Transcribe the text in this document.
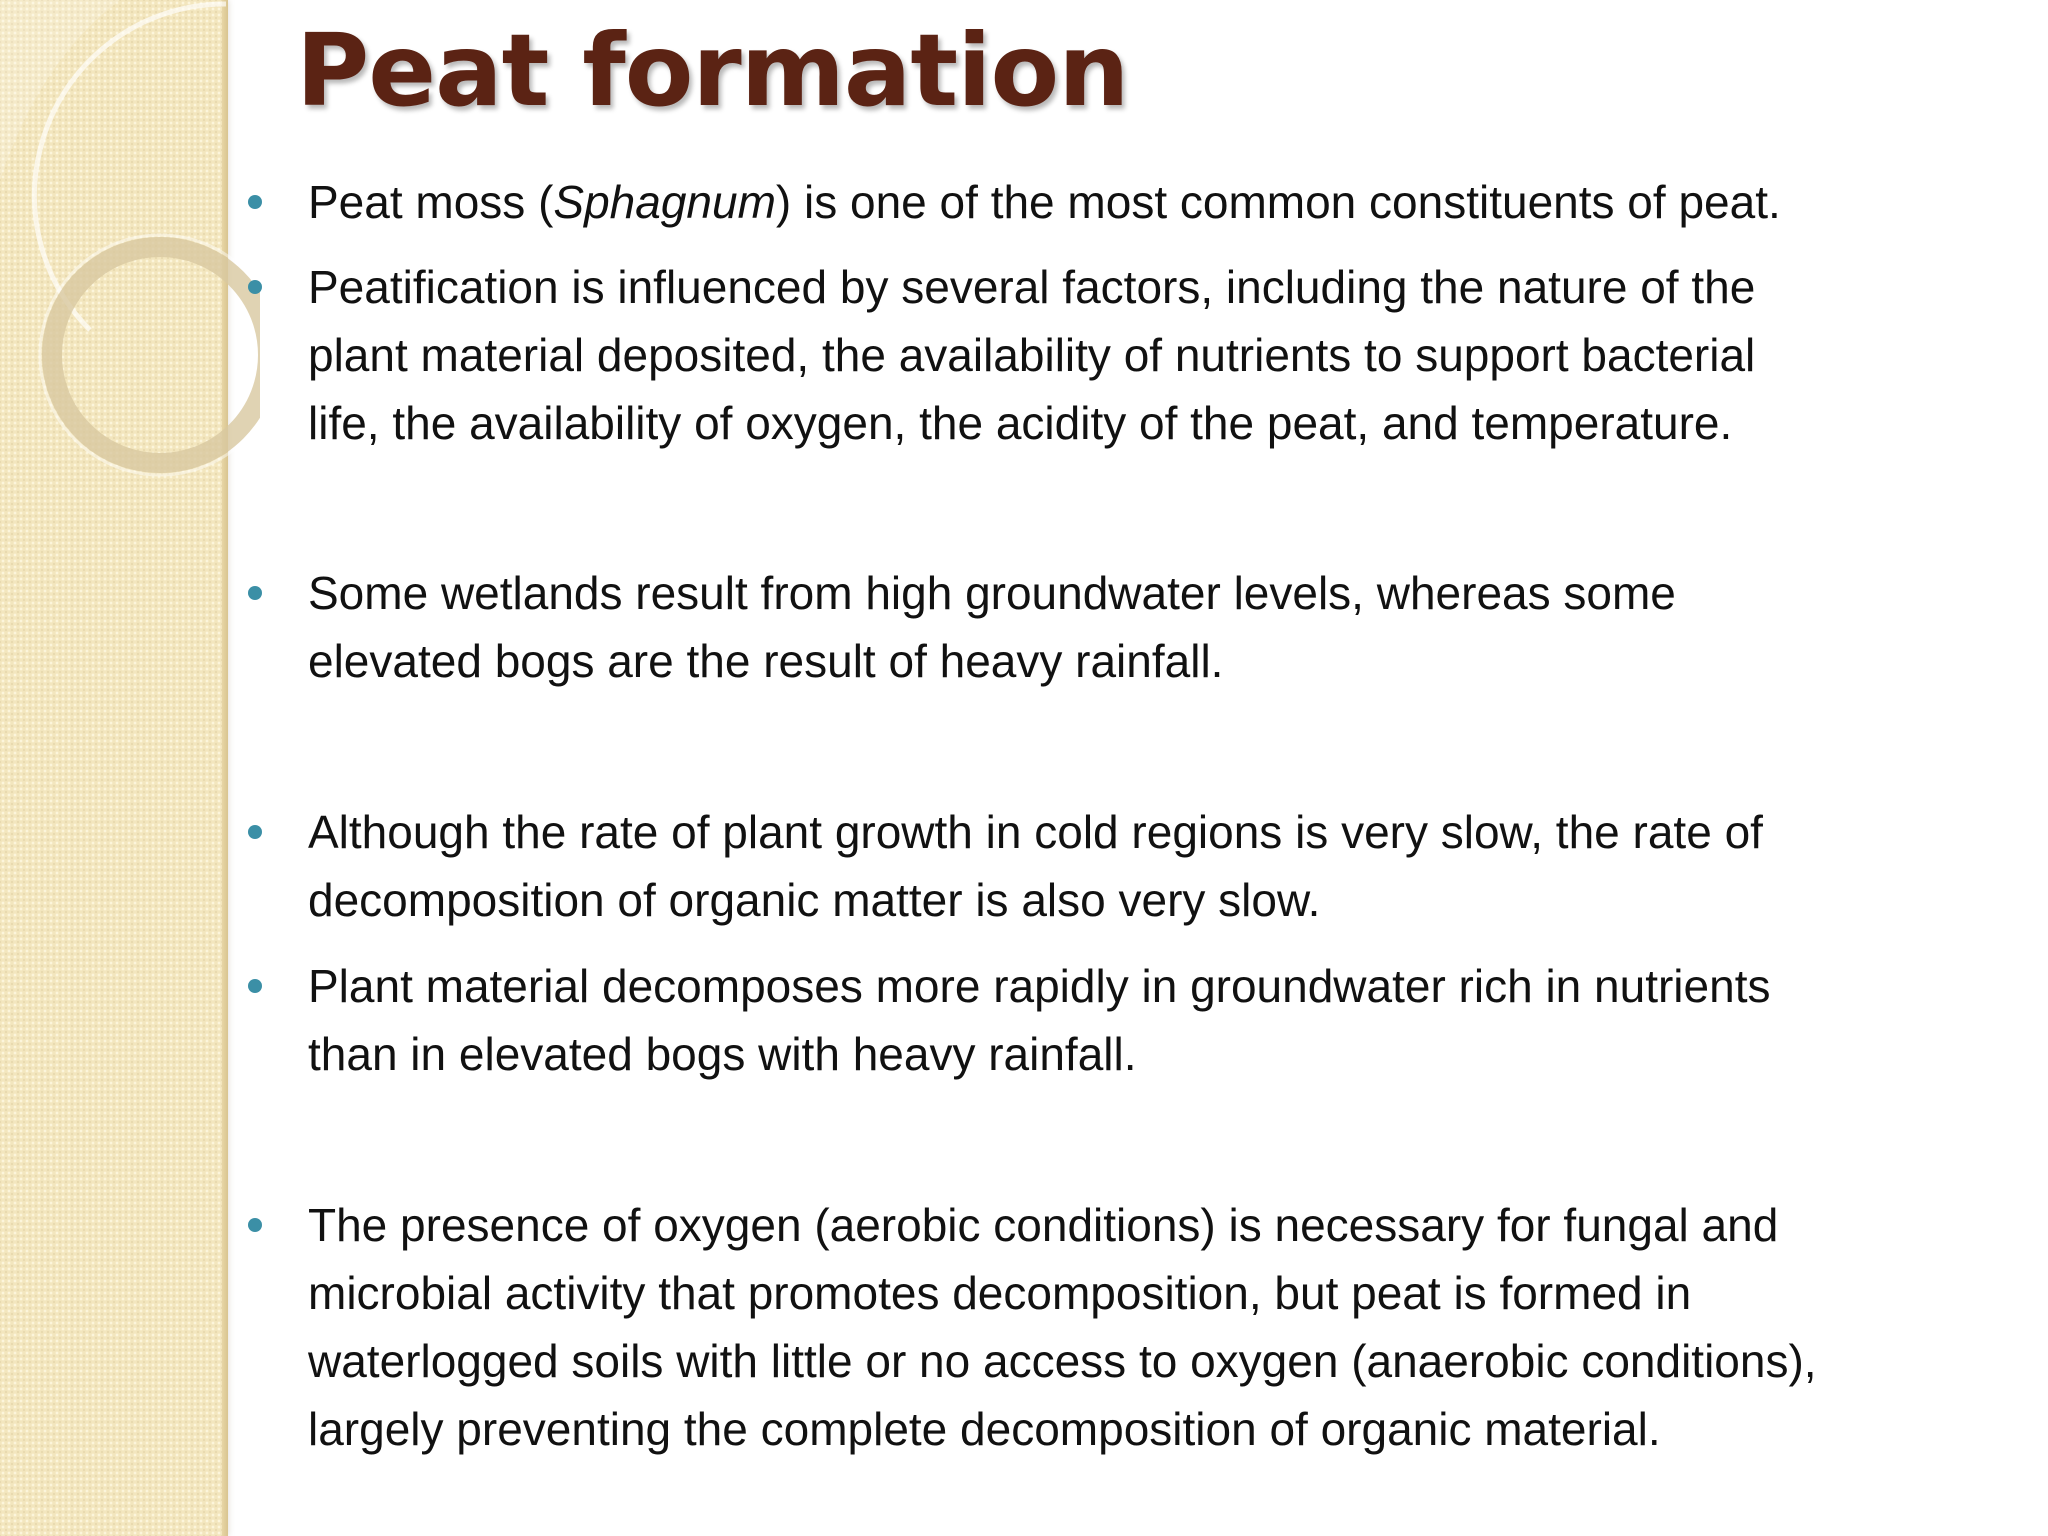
Peat formation
Peat moss (Sphagnum) is one of the most common constituents of peat.
Peatification is influenced by several factors, including the nature of the
plant material deposited, the availability of nutrients to support bacterial
life, the availability of oxygen, the acidity of the peat, and temperature.
Some wetlands result from high groundwater levels, whereas some
elevated bogs are the result of heavy rainfall.
Although the rate of plant growth in cold regions is very slow, the rate of
decomposition of organic matter is also very slow.
Plant material decomposes more rapidly in groundwater rich in nutrients
than in elevated bogs with heavy rainfall.
The presence of oxygen (aerobic conditions) is necessary for fungal and
microbial activity that promotes decomposition, but peat is formed in
waterlogged soils with little or no access to oxygen (anaerobic conditions),
largely preventing the complete decomposition of organic material.
